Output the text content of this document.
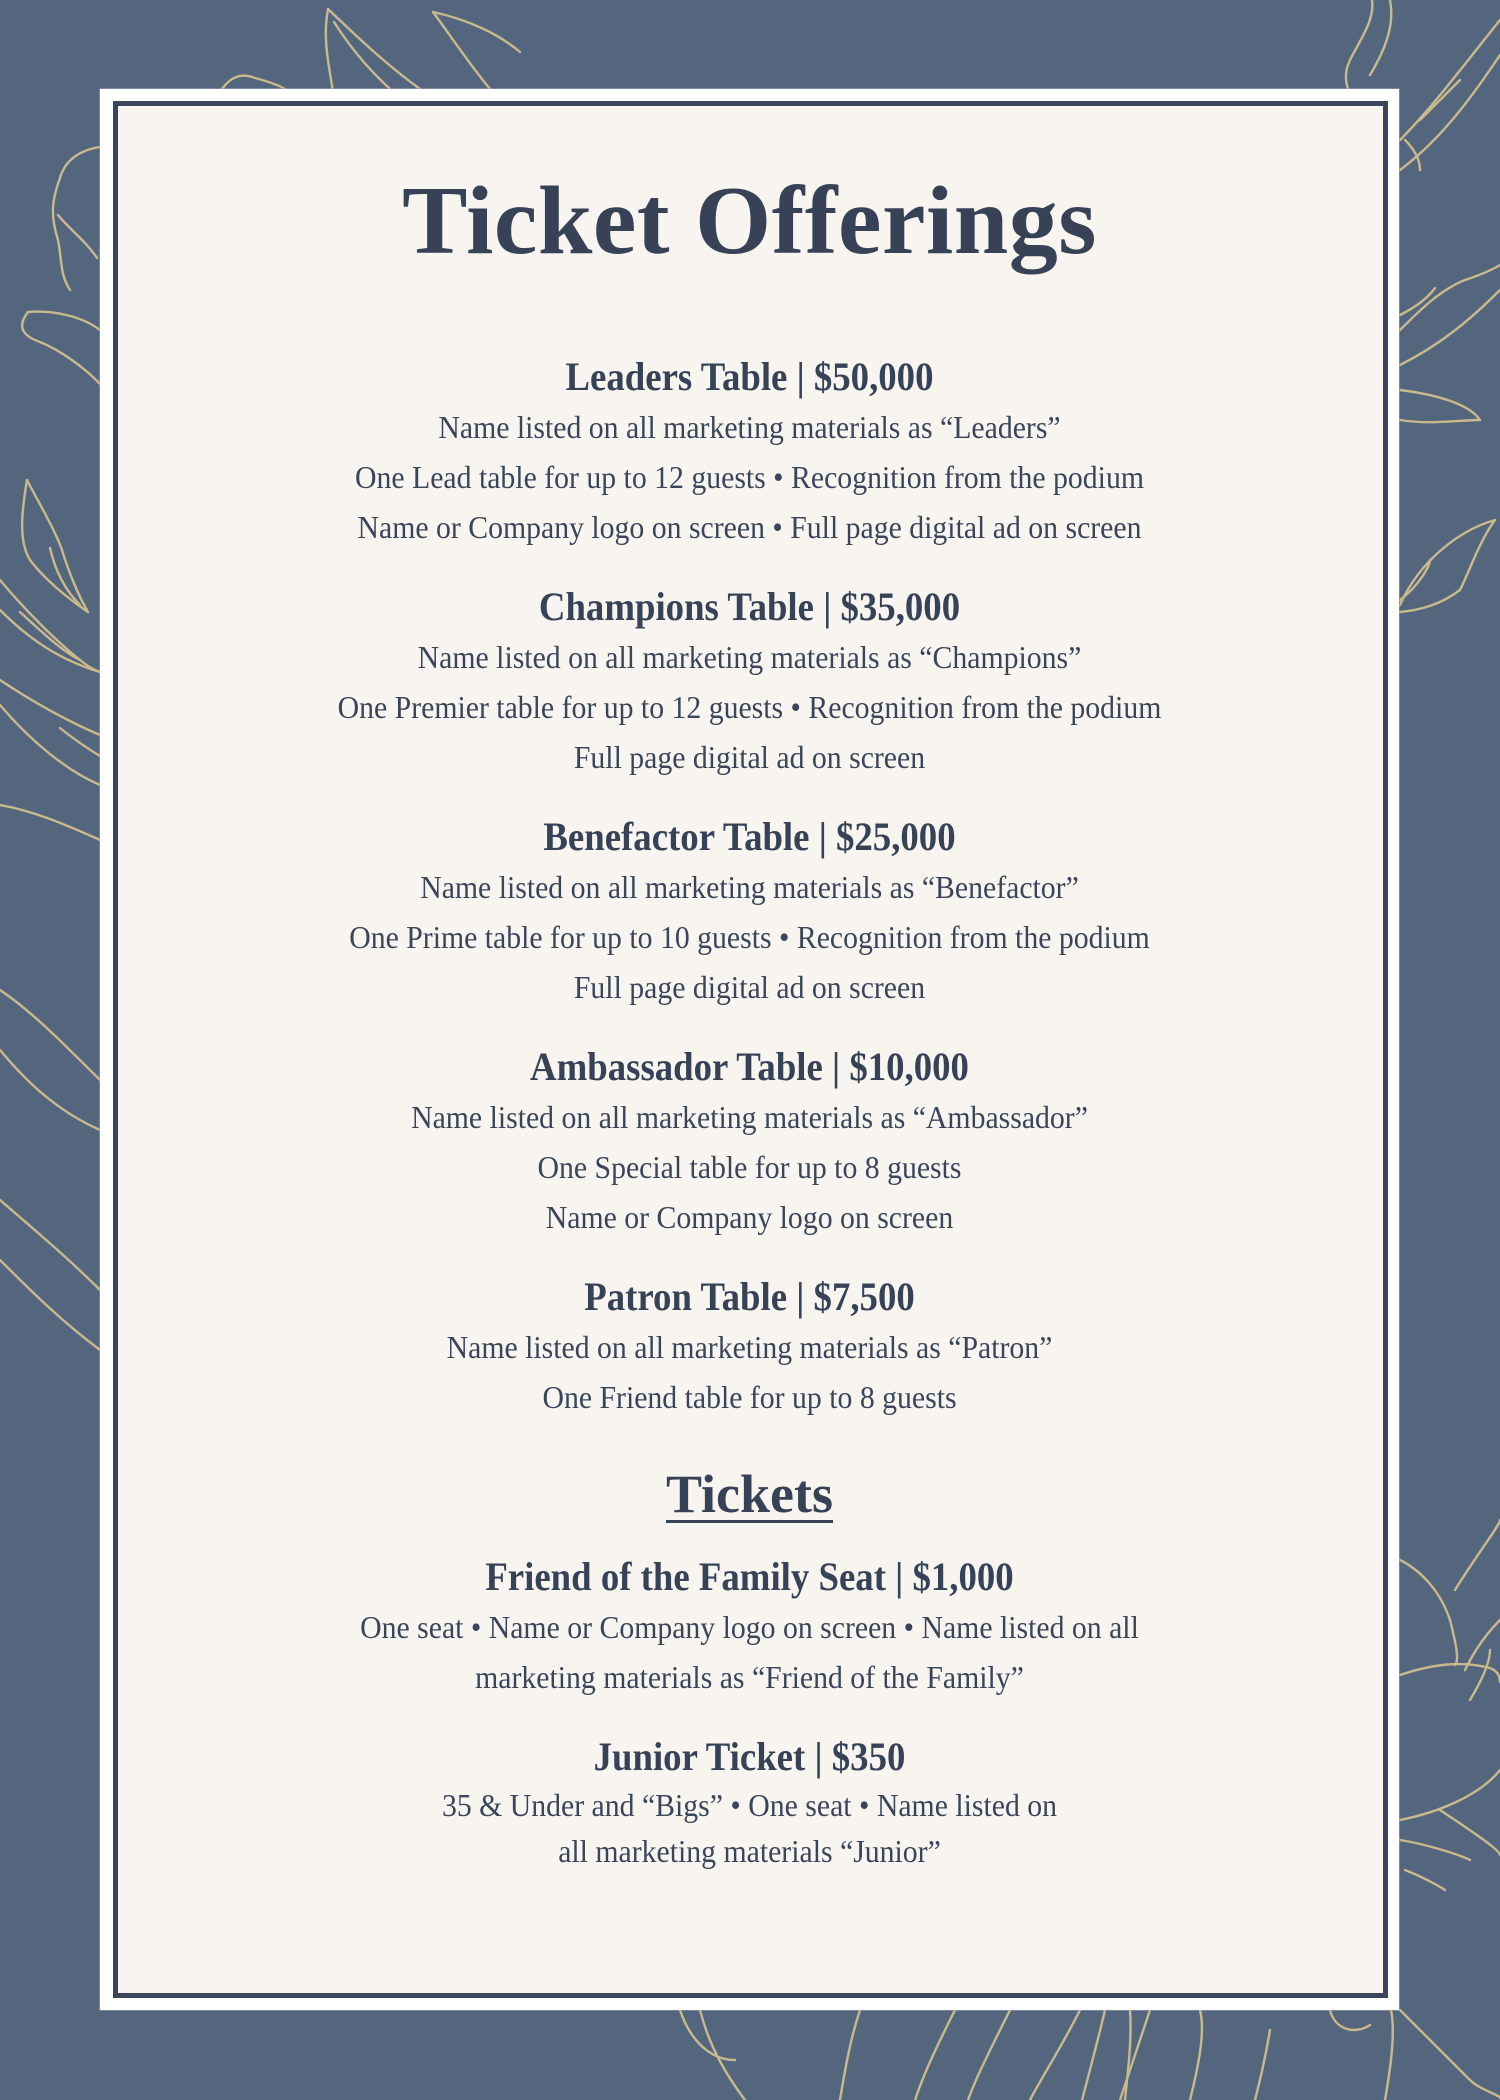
Ticket Offerings

Leaders Table | $50,000

Name listed on all marketing materials as “Leaders”

One Lead table for up to 12 guests • Recognition from the podium

Name or Company logo on screen • Full page digital ad on screen

Champions Table | $35,000

Name listed on all marketing materials as “Champions”

One Premier table for up to 12 guests • Recognition from the podium

Full page digital ad on screen

Benefactor Table | $25,000

Name listed on all marketing materials as “Benefactor”

One Prime table for up to 10 guests • Recognition from the podium

Full page digital ad on screen

Ambassador Table | $10,000

Name listed on all marketing materials as “Ambassador”

One Special table for up to 8 guests

Name or Company logo on screen

Patron Table | $7,500

Name listed on all marketing materials as “Patron”

One Friend table for up to 8 guests

Tickets

Friend of the Family Seat | $1,000

One seat • Name or Company logo on screen • Name listed on all

marketing materials as “Friend of the Family”

Junior Ticket | $350

35 & Under and “Bigs” • One seat • Name listed on

all marketing materials “Junior”
